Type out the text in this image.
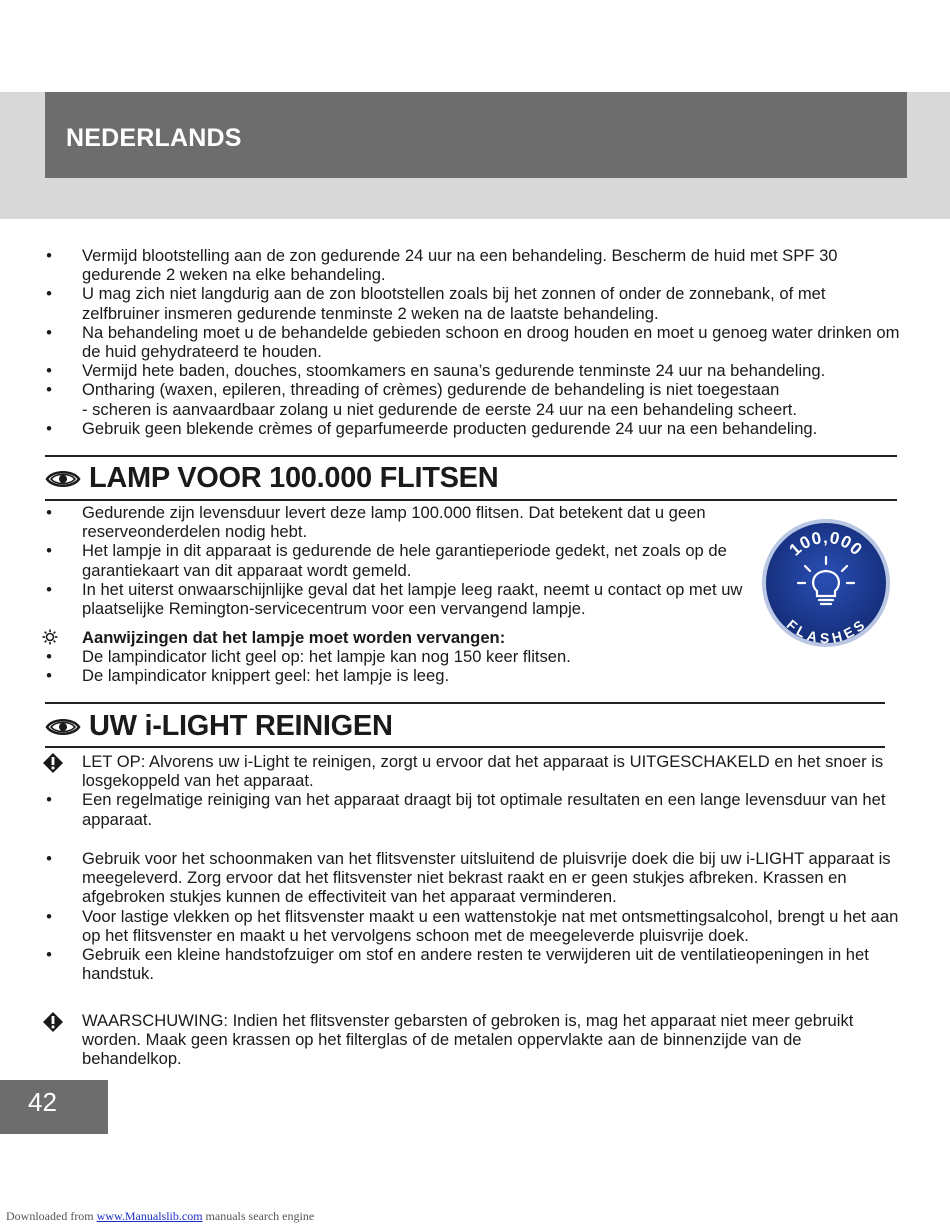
NEDERLANDS
• Vermijd blootstelling aan de zon gedurende 24 uur na een behandeling. Bescherm de huid met SPF 30 gedurende 2 weken na elke behandeling.
• U mag zich niet langdurig aan de zon blootstellen zoals bij het zonnen of onder de zonnebank, of met zelfbruiner insmeren gedurende tenminste 2 weken na de laatste behandeling.
• Na behandeling moet u de behandelde gebieden schoon en droog houden en moet u genoeg water drinken om de huid gehydrateerd te houden.
• Vermijd hete baden, douches, stoomkamers en sauna’s gedurende tenminste 24 uur na behandeling.
• Ontharing (waxen, epileren, threading of crèmes) gedurende de behandeling is niet toegestaan
- scheren is aanvaardbaar zolang u niet gedurende de eerste 24 uur na een behandeling scheert.
• Gebruik geen blekende crèmes of geparfumeerde producten gedurende 24 uur na een behandeling.
LAMP VOOR 100.000 FLITSEN
• Gedurende zijn levensduur levert deze lamp 100.000 flitsen. Dat betekent dat u geen reserveonderdelen nodig hebt.
• Het lampje in dit apparaat is gedurende de hele garantieperiode gedekt, net zoals op de garantiekaart van dit apparaat wordt gemeld.
• In het uiterst onwaarschijnlijke geval dat het lampje leeg raakt, neemt u contact op met uw plaatselijke Remington-servicecentrum voor een vervangend lampje.
Aanwijzingen dat het lampje moet worden vervangen:
• De lampindicator licht geel op: het lampje kan nog 150 keer flitsen.
• De lampindicator knippert geel: het lampje is leeg.
100,000
FLASHES
UW i-LIGHT REINIGEN
LET OP: Alvorens uw i-Light te reinigen, zorgt u ervoor dat het apparaat is UITGESCHAKELD en het snoer is losgekoppeld van het apparaat.
• Een regelmatige reiniging van het apparaat draagt bij tot optimale resultaten en een lange levensduur van het apparaat.
• Gebruik voor het schoonmaken van het flitsvenster uitsluitend de pluisvrije doek die bij uw i-LIGHT apparaat is meegeleverd. Zorg ervoor dat het flitsvenster niet bekrast raakt en er geen stukjes afbreken. Krassen en afgebroken stukjes kunnen de effectiviteit van het apparaat verminderen.
• Voor lastige vlekken op het flitsvenster maakt u een wattenstokje nat met ontsmettingsalcohol, brengt u het aan op het flitsvenster en maakt u het vervolgens schoon met de meegeleverde pluisvrije doek.
• Gebruik een kleine handstofzuiger om stof en andere resten te verwijderen uit de ventilatieopeningen in het handstuk.
WAARSCHUWING: Indien het flitsvenster gebarsten of gebroken is, mag het apparaat niet meer gebruikt worden. Maak geen krassen op het filterglas of de metalen oppervlakte aan de binnenzijde van de behandelkop.
42
Downloaded from www.Manualslib.com manuals search engine
